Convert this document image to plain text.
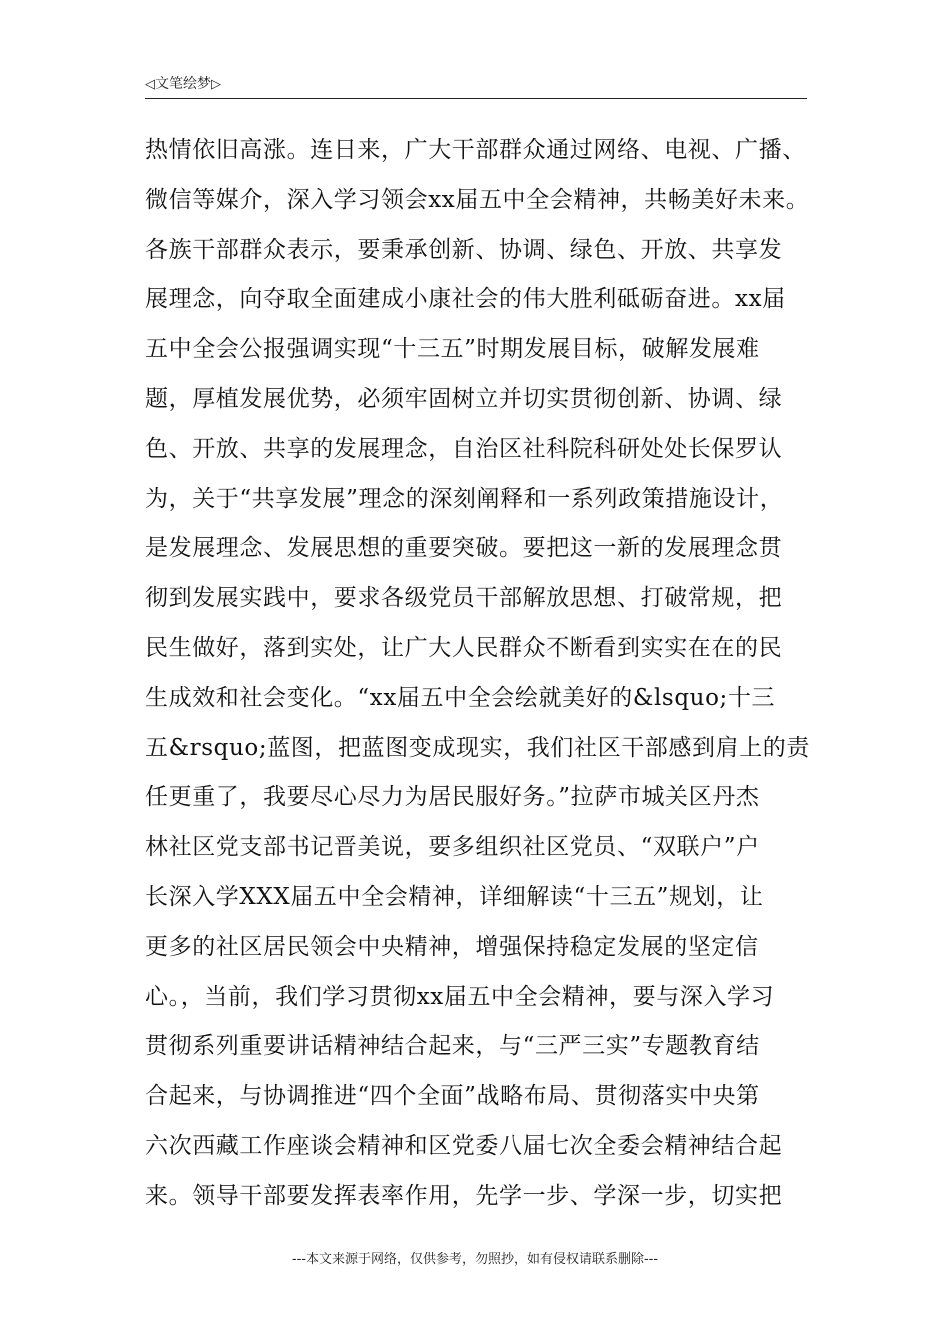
◁文笔绘梦▷
热情依旧高涨。连日来，广大干部群众通过网络、电视、广播、
微信等媒介，深入学习领会xx届五中全会精神，共畅美好未来。
各族干部群众表示，要秉承创新、协调、绿色、开放、共享发
展理念，向夺取全面建成小康社会的伟大胜利砥砺奋进。xx届
五中全会公报强调实现“十三五”时期发展目标，破解发展难
题，厚植发展优势，必须牢固树立并切实贯彻创新、协调、绿
色、开放、共享的发展理念，自治区社科院科研处处长保罗认
为，关于“共享发展”理念的深刻阐释和一系列政策措施设计，
是发展理念、发展思想的重要突破。要把这一新的发展理念贯
彻到发展实践中，要求各级党员干部解放思想、打破常规，把
民生做好，落到实处，让广大人民群众不断看到实实在在的民
生成效和社会变化。“xx届五中全会绘就美好的&lsquo;十三
五&rsquo;蓝图，把蓝图变成现实，我们社区干部感到肩上的责
任更重了，我要尽心尽力为居民服好务。”拉萨市城关区丹杰
林社区党支部书记晋美说，要多组织社区党员、“双联户”户
长深入学XXX届五中全会精神，详细解读“十三五”规划，让
更多的社区居民领会中央精神，增强保持稳定发展的坚定信
心。，当前，我们学习贯彻xx届五中全会精神，要与深入学习
贯彻系列重要讲话精神结合起来，与“三严三实”专题教育结
合起来，与协调推进“四个全面”战略布局、贯彻落实中央第
六次西藏工作座谈会精神和区党委八届七次全委会精神结合起
来。领导干部要发挥表率作用，先学一步、学深一步，切实把
---本文来源于网络，仅供参考，勿照抄，如有侵权请联系删除---
